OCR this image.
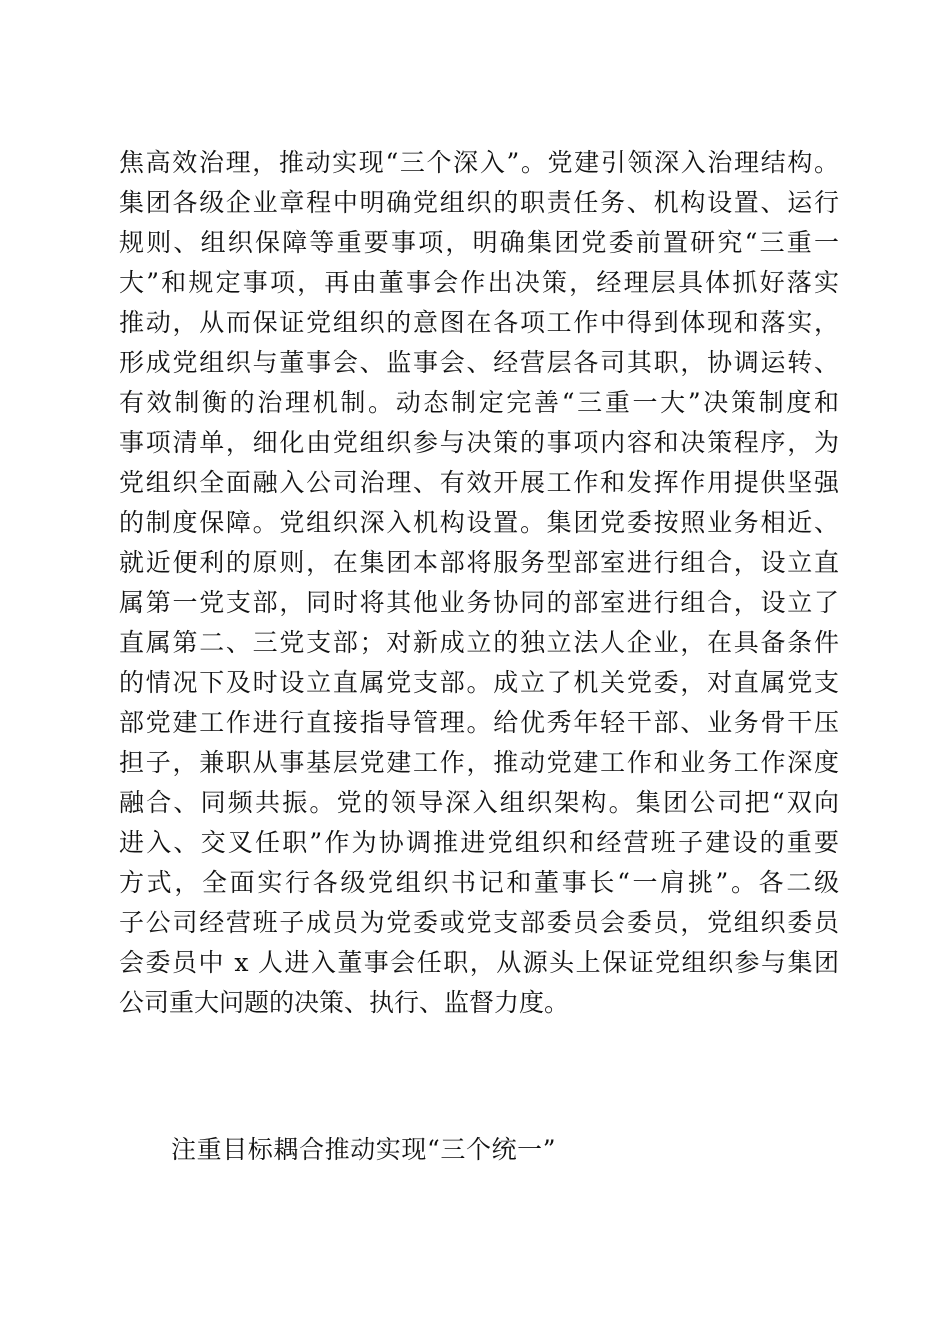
焦高效治理，推动实现“三个深入”。党建引领深入治理结构。
集团各级企业章程中明确党组织的职责任务、机构设置、运行
规则、组织保障等重要事项，明确集团党委前置研究“三重一
大”和规定事项，再由董事会作出决策，经理层具体抓好落实
推动，从而保证党组织的意图在各项工作中得到体现和落实，
形成党组织与董事会、监事会、经营层各司其职，协调运转、
有效制衡的治理机制。动态制定完善“三重一大”决策制度和
事项清单，细化由党组织参与决策的事项内容和决策程序，为
党组织全面融入公司治理、有效开展工作和发挥作用提供坚强
的制度保障。党组织深入机构设置。集团党委按照业务相近、
就近便利的原则，在集团本部将服务型部室进行组合，设立直
属第一党支部，同时将其他业务协同的部室进行组合，设立了
直属第二、三党支部；对新成立的独立法人企业，在具备条件
的情况下及时设立直属党支部。成立了机关党委，对直属党支
部党建工作进行直接指导管理。给优秀年轻干部、业务骨干压
担子，兼职从事基层党建工作，推动党建工作和业务工作深度
融合、同频共振。党的领导深入组织架构。集团公司把“双向
进入、交叉任职”作为协调推进党组织和经营班子建设的重要
方式，全面实行各级党组织书记和董事长“一肩挑”。各二级
子公司经营班子成员为党委或党支部委员会委员，党组织委员
会委员中 x 人进入董事会任职，从源头上保证党组织参与集团
公司重大问题的决策、执行、监督力度。
注重目标耦合推动实现“三个统一”
